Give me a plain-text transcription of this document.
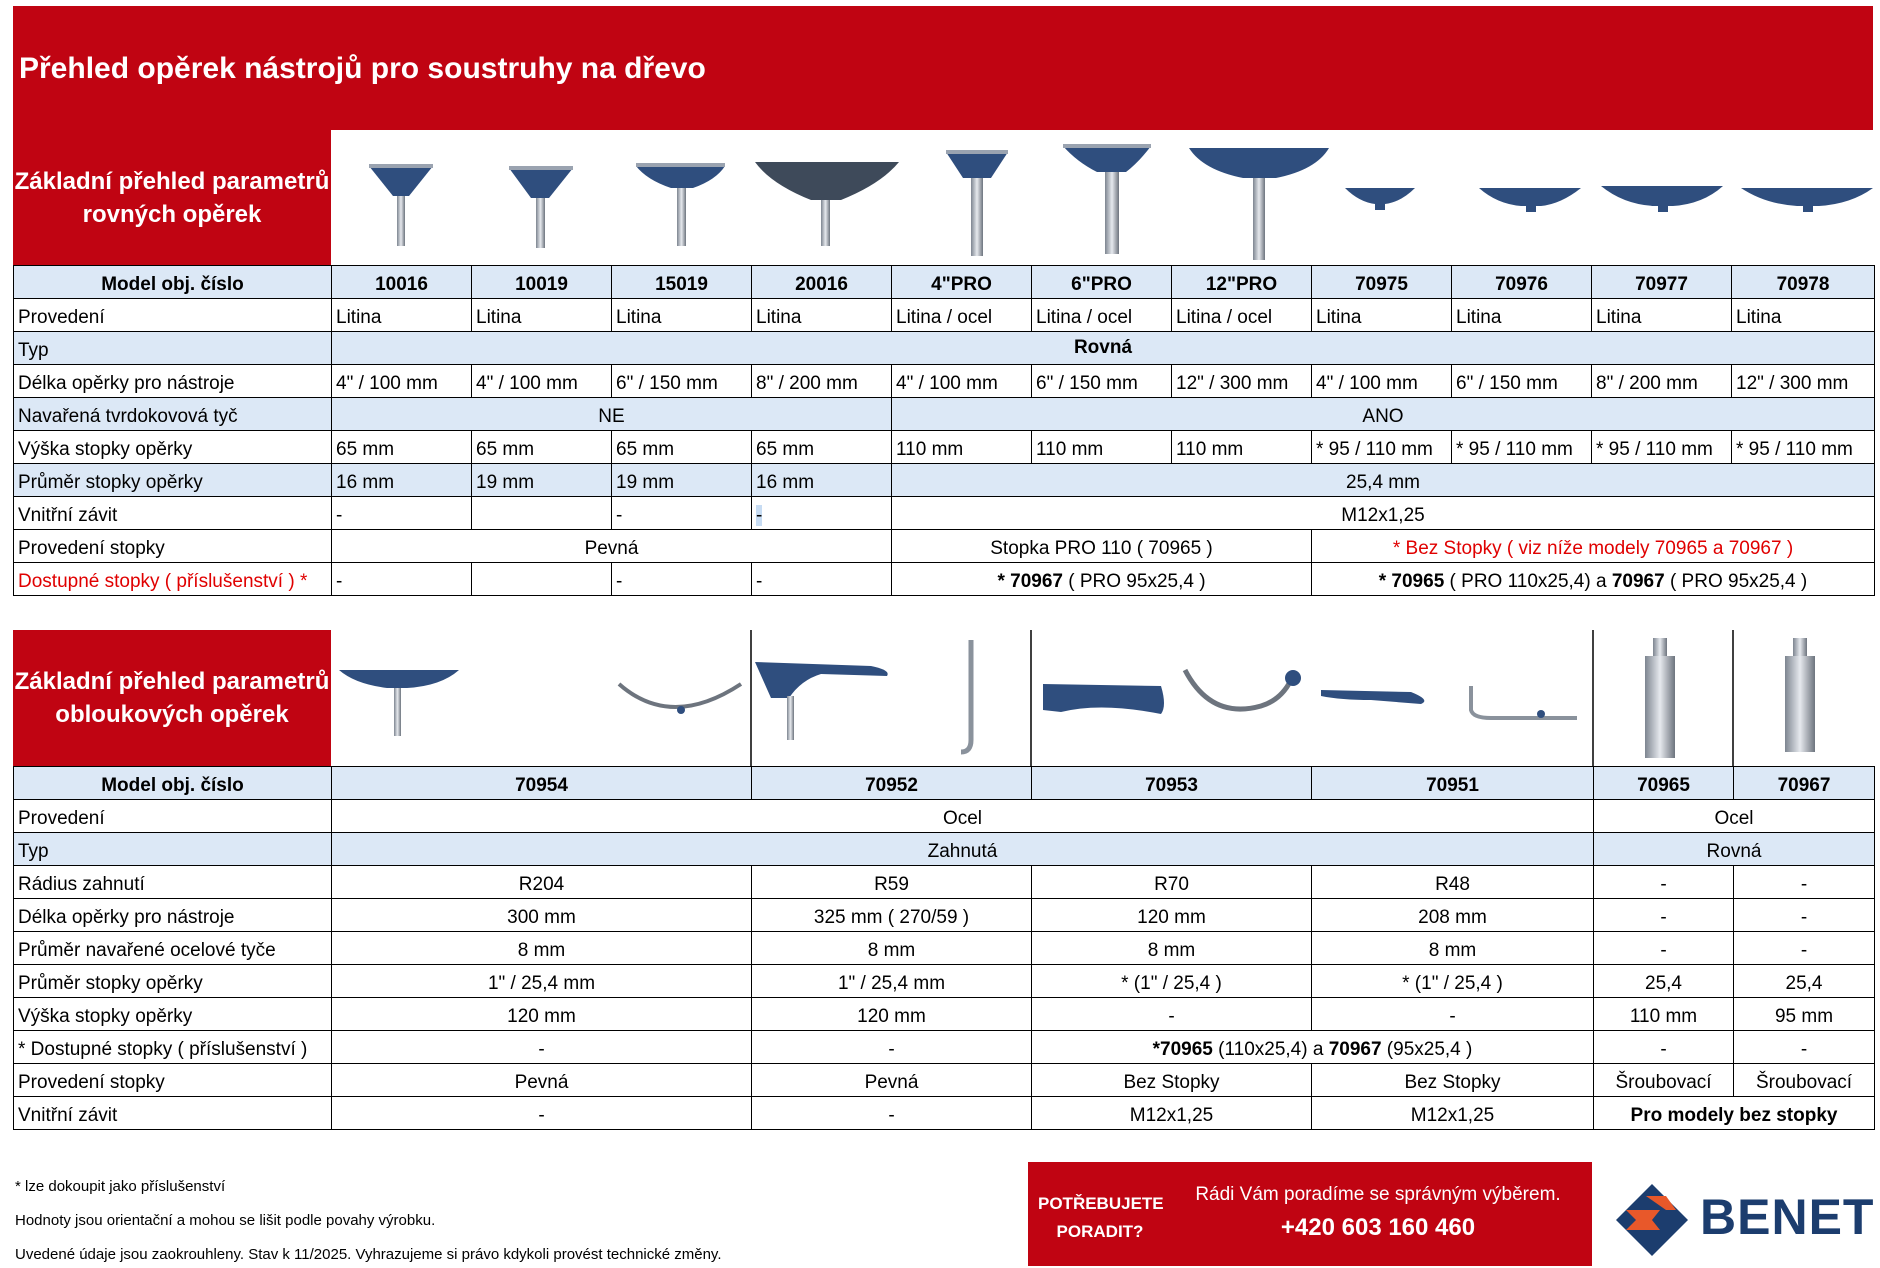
Přehled opěrek nástrojů pro soustruhy na dřevo
Základní přehled parametrů
rovných opěrek
Model obj. číslo	10016	10019	15019	20016	4"PRO	6"PRO	12"PRO	70975	70976	70977	70978
Provedení	Litina	Litina	Litina	Litina	Litina / ocel	Litina / ocel	Litina / ocel	Litina	Litina	Litina	Litina
Typ	Rovná										
Délka opěrky pro nástroje	4" / 100 mm	4" / 100 mm	6" / 150 mm	8" / 200 mm	4" / 100 mm	6" / 150 mm	12" / 300 mm	4" / 100 mm	6" / 150 mm	8" / 200 mm	12" / 300 mm
Navařená tvrdokovová tyč	NE				ANO						
Výška stopky opěrky	65 mm	65 mm	65 mm	65 mm	110 mm	110 mm	110 mm	* 95 / 110 mm	* 95 / 110 mm	* 95 / 110 mm	* 95 / 110 mm
Průměr stopky opěrky	16 mm	19 mm	19 mm	16 mm	25,4 mm						
Vnitřní závit	-		-	-	M12x1,25						
Provedení stopky	Pevná				Stopka PRO 110 ( 70965 )			* Bez Stopky ( viz níže modely 70965 a 70967 )			
Dostupné stopky ( příslušenství ) *	-		-	-	* 70967 ( PRO 95x25,4 )			* 70965 ( PRO 110x25,4) a 70967 ( PRO 95x25,4 )			
Základní přehled parametrů
obloukových opěrek
Model obj. číslo	70954	70952	70953	70951	70965	70967
Provedení	Ocel				Ocel	
Typ	Zahnutá				Rovná	
Rádius zahnutí	R204	R59	R70	R48	-	-
Délka opěrky pro nástroje	300 mm	325 mm ( 270/59 )	120 mm	208 mm	-	-
Průměr navařené ocelové tyče	8 mm	8 mm	8 mm	8 mm	-	-
Průměr stopky opěrky	1" / 25,4 mm	1" / 25,4 mm	* (1" / 25,4 )	* (1" / 25,4 )	25,4	25,4
Výška stopky opěrky	120 mm	120 mm	-	-	110 mm	95 mm
* Dostupné stopky ( příslušenství )	-	-	*70965 (110x25,4) a 70967 (95x25,4 )		-	-
Provedení stopky	Pevná	Pevná	Bez Stopky	Bez Stopky	Šroubovací	Šroubovací
Vnitřní závit	-	-	M12x1,25	M12x1,25	Pro modely bez stopky	
* lze dokoupit jako příslušenství
Hodnoty jsou orientační a mohou se lišit podle povahy výrobku.
Uvedené údaje jsou zaokrouhleny. Stav k 11/2025. Vyhrazujeme si právo kdykoli provést technické změny.
POTŘEBUJETE
PORADIT?
Rádi Vám poradíme se správným výběrem.
+420 603 160 460	BENET
